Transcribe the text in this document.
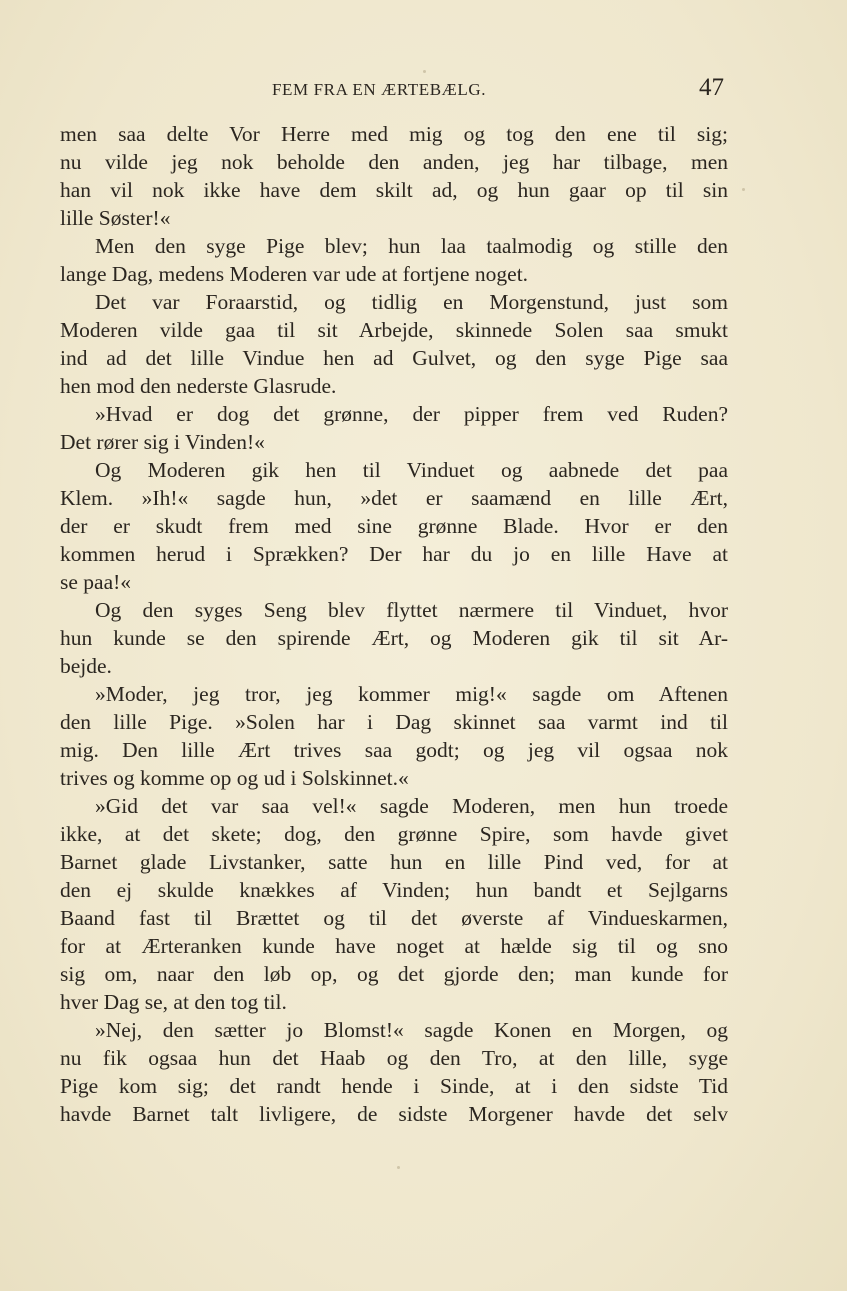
FEM FRA EN ÆRTEBÆLG.	47
men saa delte Vor Herre med mig og tog den ene til sig;
nu vilde jeg nok beholde den anden, jeg har tilbage, men
han vil nok ikke have dem skilt ad, og hun gaar op til sin
lille Søster!«
Men den syge Pige blev; hun laa taalmodig og stille den
lange Dag, medens Moderen var ude at fortjene noget.
Det var Foraarstid, og tidlig en Morgenstund, just som
Moderen vilde gaa til sit Arbejde, skinnede Solen saa smukt
ind ad det lille Vindue hen ad Gulvet, og den syge Pige saa
hen mod den nederste Glasrude.
»Hvad er dog det grønne, der pipper frem ved Ruden?
Det rører sig i Vinden!«
Og Moderen gik hen til Vinduet og aabnede det paa
Klem. »Ih!« sagde hun, »det er saamænd en lille Ært,
der er skudt frem med sine grønne Blade. Hvor er den
kommen herud i Sprækken? Der har du jo en lille Have at
se paa!«
Og den syges Seng blev flyttet nærmere til Vinduet, hvor
hun kunde se den spirende Ært, og Moderen gik til sit Ar-
bejde.
»Moder, jeg tror, jeg kommer mig!« sagde om Aftenen
den lille Pige. »Solen har i Dag skinnet saa varmt ind til
mig. Den lille Ært trives saa godt; og jeg vil ogsaa nok
trives og komme op og ud i Solskinnet.«
»Gid det var saa vel!« sagde Moderen, men hun troede
ikke, at det skete; dog, den grønne Spire, som havde givet
Barnet glade Livstanker, satte hun en lille Pind ved, for at
den ej skulde knækkes af Vinden; hun bandt et Sejlgarns
Baand fast til Brættet og til det øverste af Vindueskarmen,
for at Ærteranken kunde have noget at hælde sig til og sno
sig om, naar den løb op, og det gjorde den; man kunde for
hver Dag se, at den tog til.
»Nej, den sætter jo Blomst!« sagde Konen en Morgen, og
nu fik ogsaa hun det Haab og den Tro, at den lille, syge
Pige kom sig; det randt hende i Sinde, at i den sidste Tid
havde Barnet talt livligere, de sidste Morgener havde det selv
